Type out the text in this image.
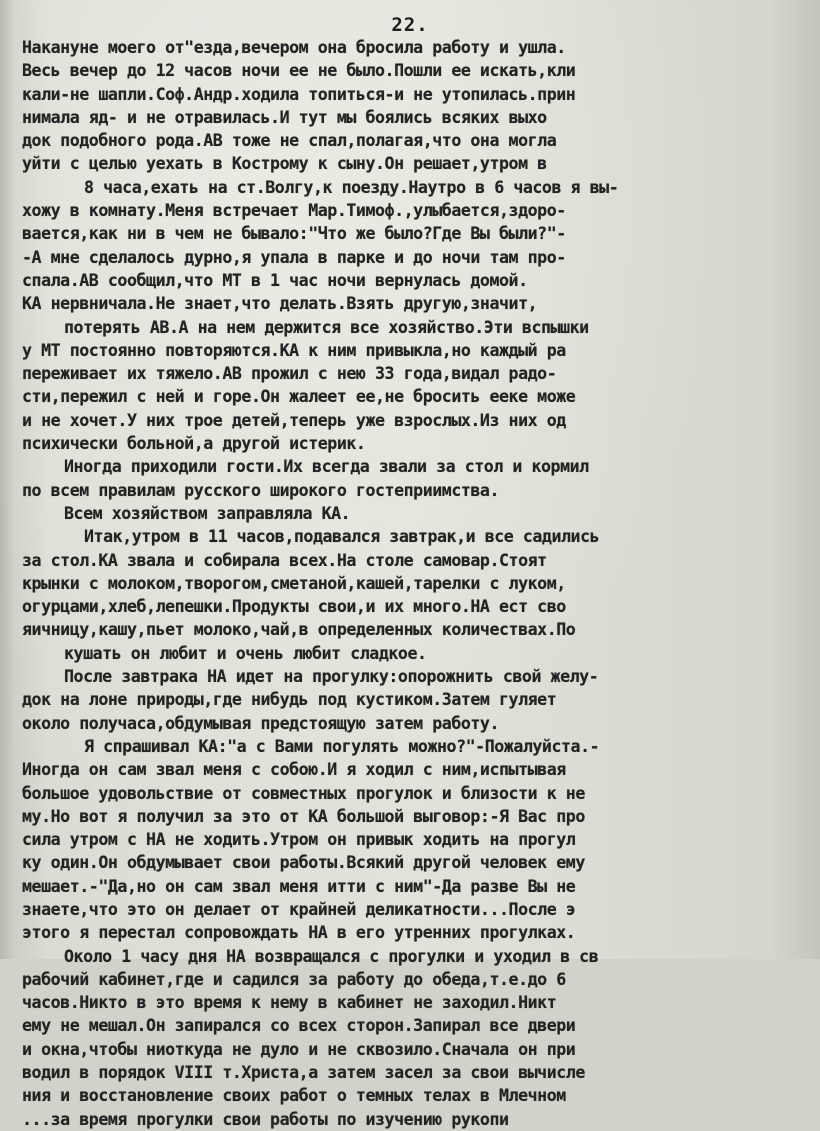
22.
Накануне моего от"езда,вечером она бросила работу и ушла.
Весь вечер до 12 часов ночи ее не было.Пошли ее искать,кли
кали-не шапли.Соф.Андр.ходила топиться-и не утопилась.прин
нимала яд- и не отравилась.И тут мы боялись всяких выхо
док подобного рода.АВ тоже не спал,полагая,что она могла
уйти с целью уехать в Кострому к сыну.Он решает,утром в
8 часа,ехать на ст.Волгу,к поезду.Наутро в 6 часов я вы-
хожу в комнату.Меня встречает Мар.Тимоф.,улыбается,здоро-
вается,как ни в чем не бывало:"Что же было?Где Вы были?"-
-А мне сделалось дурно,я упала в парке и до ночи там про-
спала.АВ сообщил,что МТ в 1 час ночи вернулась домой.
КА нервничала.Не знает,что делать.Взять другую,значит,
потерять АВ.А на нем держится все хозяйство.Эти вспышки
у МТ постоянно повторяются.КА к ним привыкла,но каждый ра
переживает их тяжело.АВ прожил с нею 33 года,видал радо-
сти,пережил с ней и горе.Он жалеет ее,не бросить ееке може
и не хочет.У них трое детей,теперь уже взрослых.Из них од
психически больной,а другой истерик.
Иногда приходили гости.Их всегда звали за стол и кормил
по всем правилам русского широкого гостеприимства.
Всем хозяйством заправляла КА.
Итак,утром в 11 часов,подавался завтрак,и все садились
за стол.КА звала и собирала всех.На столе самовар.Стоят
крынки с молоком,творогом,сметаной,кашей,тарелки с луком,
огурцами,хлеб,лепешки.Продукты свои,и их много.НА ест сво
яичницу,кашу,пьет молоко,чай,в определенных количествах.По
кушать он любит и очень любит сладкое.
После завтрака НА идет на прогулку:опорожнить свой желу-
док на лоне природы,где нибудь под кустиком.Затем гуляет
около получаса,обдумывая предстоящую затем работу.
Я спрашивал КА:"а с Вами погулять можно?"-Пожалуйста.-
Иногда он сам звал меня с собою.И я ходил с ним,испытывая
большое удовольствие от совместных прогулок и близости к не
му.Но вот я получил за это от КА большой выговор:-Я Вас про
сила утром с НА не ходить.Утром он привык ходить на прогул
ку один.Он обдумывает свои работы.Всякий другой человек ему
мешает.-"Да,но он сам звал меня итти с ним"-Да разве Вы не
знаете,что это он делает от крайней деликатности...После э
этого я перестал сопровождать НА в его утренних прогулках.
Около 1 часу дня НА возвращался с прогулки и уходил в св
рабочий кабинет,где и садился за работу до обеда,т.е.до 6
часов.Никто в это время к нему в кабинет не заходил.Никт
ему не мешал.Он запирался со всех сторон.Запирал все двери
и окна,чтобы ниоткуда не дуло и не сквозило.Сначала он при
водил в порядок VIII т.Христа,а затем засел за свои вычисле
ния и восстановление своих работ о темных телах в Млечном
...за время прогулки свои работы по изучению рукопи
